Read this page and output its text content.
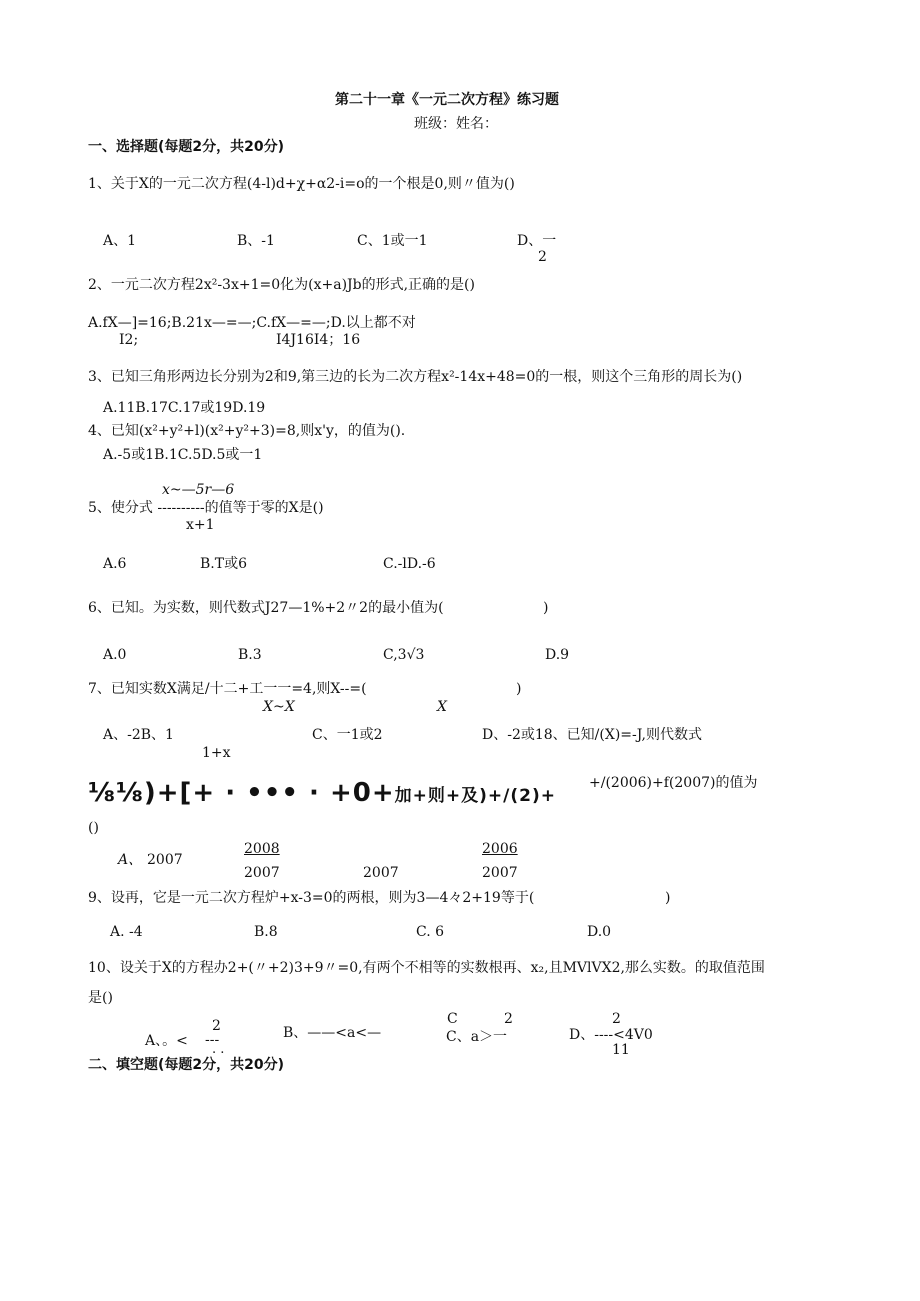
第二十一章《一元二次方程》练习题
班级：姓名：
一、选择题(每题2分，共20分)
1、关于X的一元二次方程(4-l)d+χ+α2-i=o的一个根是0,则〃值为()
A、1	B、-1	C、1或一1	D、一
2
2、一元二次方程2x²-3x+1=0化为(x+a)Jb的形式,正确的是()
A.fX—]=16;B.21x—=—;C.fX—=—;D.以上都不对
I2;	I4J16I4；16
3、已知三角形两边长分别为2和9,第三边的长为二次方程x²-14x+48=0的一根，则这个三角形的周长为()
A.11B.17C.17或19D.19
4、已知(x²+y²+l)(x²+y²+3)=8,则x'y，的值为().
A.-5或1B.1C.5D.5或一1
x~—5r—6
5、使分式 ----------的值等于零的X是()
x+1
A.6	B.T或6	C.-lD.-6
6、已知。为实数，则代数式J27—1%+2〃2的最小值为(	)
A.0	B.3	C,3√3	D.9
7、已知实数X满足/十二+工一一=4,则X--=(	)
X~X	X
A、-2B、1
1+x
C、一1或2	D、-2或18、已知/(X)=-J,则代数式
⅛⅛)+[+ · ••• · +0+加+则+及)+/(2)+
+/(2006)+f(2007)的值为
()
A、 2007
2008
2007	2007
2006
2007
9、设再，它是一元二次方程炉+x-3=0的两根，则为3—4々2+19等于(	)
A. -4	B.8	C. 6	D.0
10、设关于X的方程办2+(〃+2)3+9〃=0,有两个不相等的实数根再、x₂,且MVlVX2,那么实数。的取值范围
是()
2
A、。< ---
. .
B、——<a<—
C	2
C、a＞一
2
D、----<4V0
11
二、填空题(每题2分，共20分)
